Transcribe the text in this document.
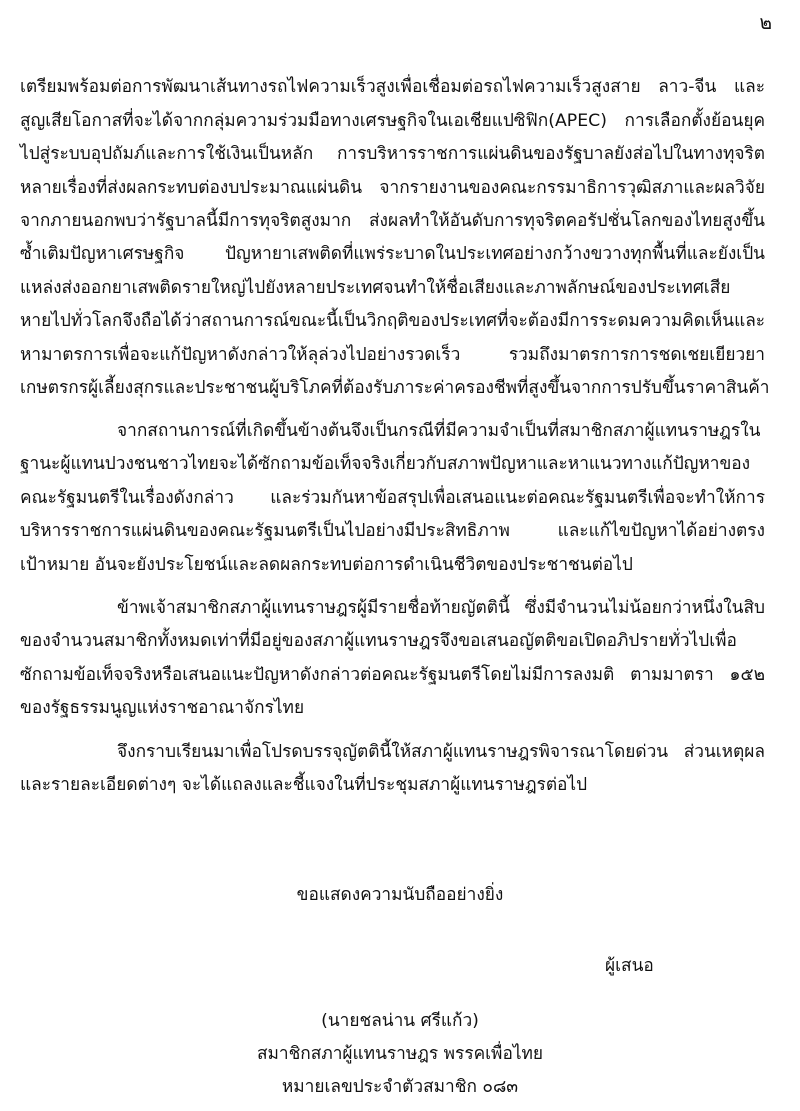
๒
เตรียมพร้อมต่อการพัฒนาเส้นทางรถไฟความเร็วสูงเพื่อเชื่อมต่อรถไฟความเร็วสูงสาย ลาว-จีน และ
สูญเสียโอกาสที่จะได้จากกลุ่มความร่วมมือทางเศรษฐกิจในเอเชียแปซิฟิก(APEC) การเลือกตั้งย้อนยุค
ไปสู่ระบบอุปถัมภ์และการใช้เงินเป็นหลัก การบริหารราชการแผ่นดินของรัฐบาลยังส่อไปในทางทุจริต
หลายเรื่องที่ส่งผลกระทบต่องบประมาณแผ่นดิน จากรายงานของคณะกรรมาธิการวุฒิสภาและผลวิจัย
จากภายนอกพบว่ารัฐบาลนี้มีการทุจริตสูงมาก ส่งผลทำให้อันดับการทุจริตคอรัปชั่นโลกของไทยสูงขึ้น
ซ้ำเติมปัญหาเศรษฐกิจ ปัญหายาเสพติดที่แพร่ระบาดในประเทศอย่างกว้างขวางทุกพื้นที่และยังเป็น
แหล่งส่งออกยาเสพติดรายใหญ่ไปยังหลายประเทศจนทำให้ชื่อเสียงและภาพลักษณ์ของประเทศเสีย
หายไปทั่วโลก จึงถือได้ว่าสถานการณ์ขณะนี้เป็นวิกฤติของประเทศที่จะต้องมีการระดมความคิดเห็นและ
หามาตรการเพื่อจะแก้ปัญหาดังกล่าวให้ลุล่วงไปอย่างรวดเร็ว	รวมถึงมาตรการการชดเชยเยียวยา
เกษตรกรผู้เลี้ยงสุกรและประชาชนผู้บริโภคที่ต้องรับภาระค่าครองชีพที่สูงขึ้นจากการปรับขึ้นราคาสินค้า
จากสถานการณ์ที่เกิดขึ้นข้างต้นจึงเป็นกรณีที่มีความจำเป็นที่สมาชิกสภาผู้แทนราษฎรใน
ฐานะผู้แทนปวงชนชาวไทยจะได้ซักถามข้อเท็จจริงเกี่ยวกับสภาพปัญหาและหาแนวทางแก้ปัญหาของ
คณะรัฐมนตรีในเรื่องดังกล่าว และร่วมกันหาข้อสรุปเพื่อเสนอแนะต่อคณะรัฐมนตรีเพื่อจะทำให้การ
บริหารราชการแผ่นดินของคณะรัฐมนตรีเป็นไปอย่างมีประสิทธิภาพ	และแก้ไขปัญหาได้อย่างตรง
เป้าหมาย อันจะยังประโยชน์และลดผลกระทบต่อการดำเนินชีวิตของประชาชนต่อไป
ข้าพเจ้าสมาชิกสภาผู้แทนราษฎรผู้มีรายชื่อท้ายญัตตินี้ ซึ่งมีจำนวนไม่น้อยกว่าหนึ่งในสิบ
ของจำนวนสมาชิกทั้งหมดเท่าที่มีอยู่ของสภาผู้แทนราษฎรจึงขอเสนอญัตติขอเปิดอภิปรายทั่วไปเพื่อ
ซักถามข้อเท็จจริงหรือเสนอแนะปัญหาดังกล่าวต่อคณะรัฐมนตรีโดยไม่มีการลงมติ ตามมาตรา ๑๕๒
ของรัฐธรรมนูญแห่งราชอาณาจักรไทย
จึงกราบเรียนมาเพื่อโปรดบรรจุญัตตินี้ให้สภาผู้แทนราษฎรพิจารณาโดยด่วน ส่วนเหตุผล
และรายละเอียดต่างๆ จะได้แถลงและชี้แจงในที่ประชุมสภาผู้แทนราษฎรต่อไป
ขอแสดงความนับถืออย่างยิ่ง
ผู้เสนอ
(นายชลน่าน ศรีแก้ว)
สมาชิกสภาผู้แทนราษฎร พรรคเพื่อไทย
หมายเลขประจำตัวสมาชิก ๐๘๓
